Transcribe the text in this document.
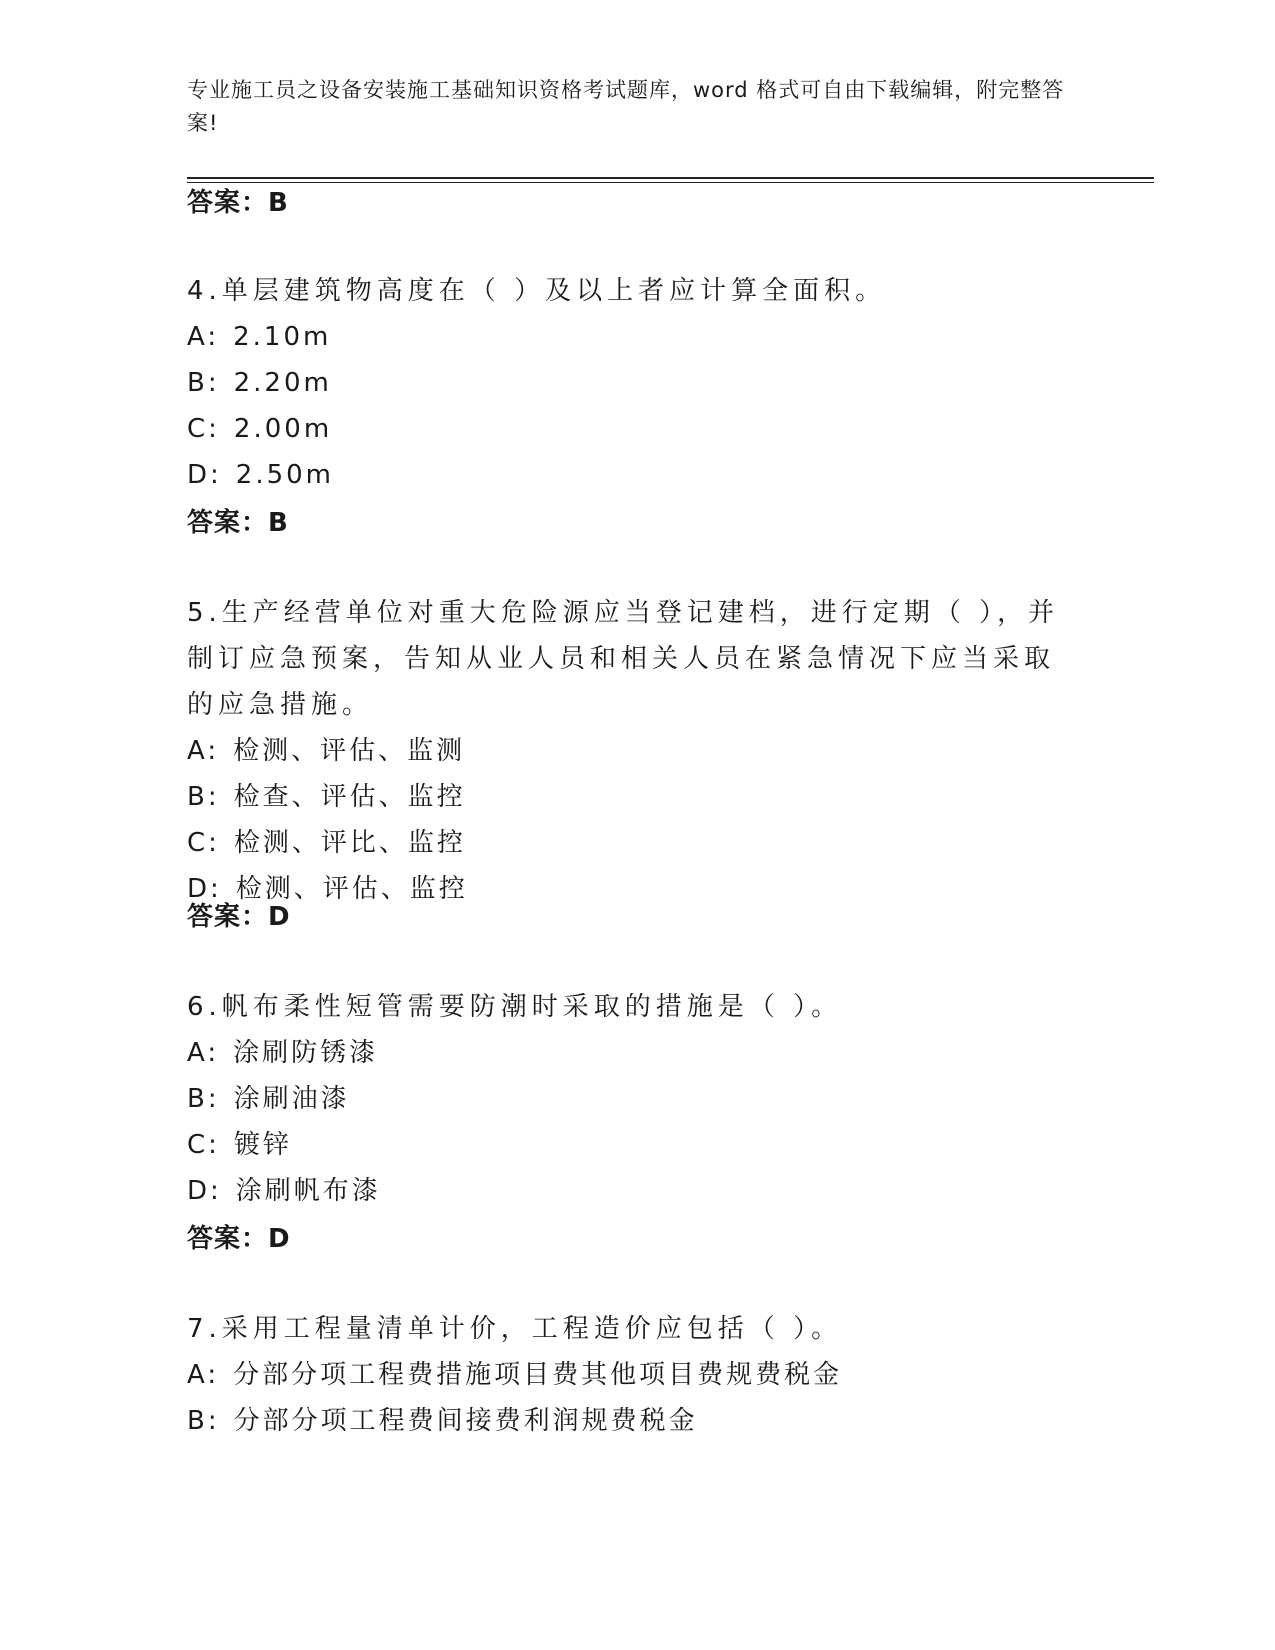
专业施工员之设备安装施工基础知识资格考试题库，word 格式可自由下载编辑，附完整答案!
答案：B
4.单层建筑物高度在（ ）及以上者应计算全面积。
A: 2.10m
B: 2.20m
C: 2.00m
D: 2.50m
答案：B
5.生产经营单位对重大危险源应当登记建档，进行定期（ ），并制订应急预案，告知从业人员和相关人员在紧急情况下应当采取的应急措施。
A: 检测、评估、监测
B: 检查、评估、监控
C: 检测、评比、监控
D: 检测、评估、监控
答案：D
6.帆布柔性短管需要防潮时采取的措施是（ ）。
A: 涂刷防锈漆
B: 涂刷油漆
C: 镀锌
D: 涂刷帆布漆
答案：D
7.采用工程量清单计价，工程造价应包括（ ）。
A: 分部分项工程费措施项目费其他项目费规费税金
B: 分部分项工程费间接费利润规费税金
